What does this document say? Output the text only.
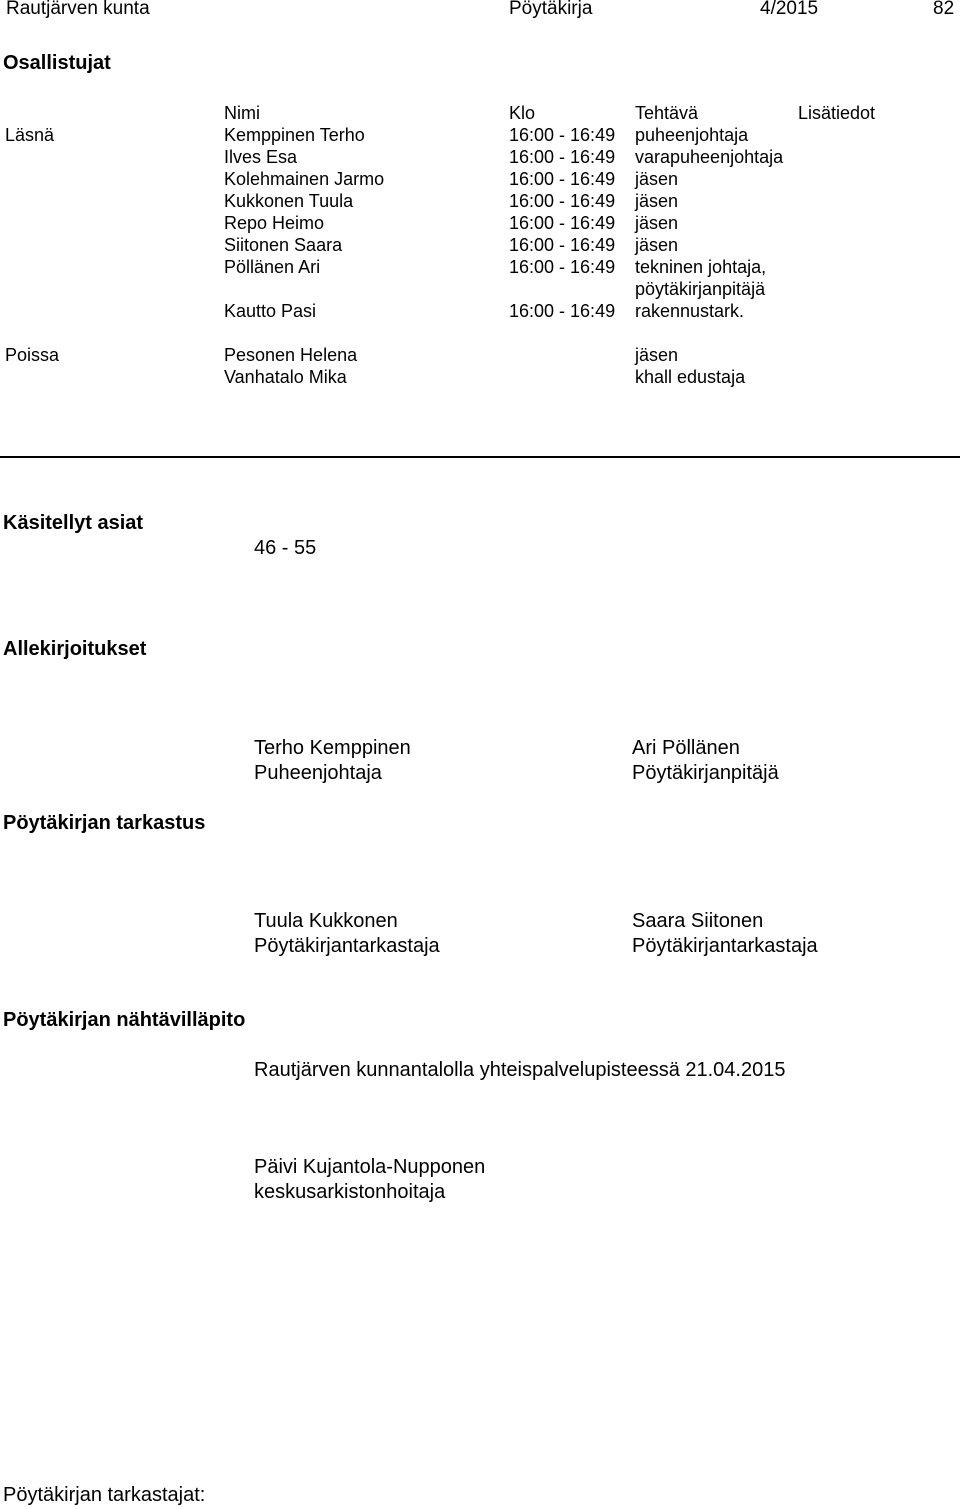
Rautjärven kunta	Pöytäkirja	4/2015	82
Osallistujat
Nimi	Klo	Tehtävä	Lisätiedot
Läsnä	Kemppinen Terho	16:00 - 16:49 puheenjohtaja
Ilves Esa	16:00 - 16:49 varapuheenjohtaja
Kolehmainen Jarmo	16:00 - 16:49 jäsen
Kukkonen Tuula	16:00 - 16:49 jäsen
Repo Heimo	16:00 - 16:49 jäsen
Siitonen Saara	16:00 - 16:49 jäsen
Pöllänen Ari	16:00 - 16:49 tekninen johtaja,
pöytäkirjanpitäjä
Kautto Pasi	16:00 - 16:49 rakennustark.
Poissa	Pesonen Helena	jäsen
Vanhatalo Mika	khall edustaja
Käsitellyt asiat
46 - 55
Allekirjoitukset
Terho Kemppinen
Puheenjohtaja
Ari Pöllänen
Pöytäkirjanpitäjä
Pöytäkirjan tarkastus
Tuula Kukkonen
Pöytäkirjantarkastaja
Saara Siitonen
Pöytäkirjantarkastaja
Pöytäkirjan nähtävilläpito
Rautjärven kunnantalolla yhteispalvelupisteessä 21.04.2015
Päivi Kujantola-Nupponen
keskusarkistonhoitaja
Pöytäkirjan tarkastajat:
